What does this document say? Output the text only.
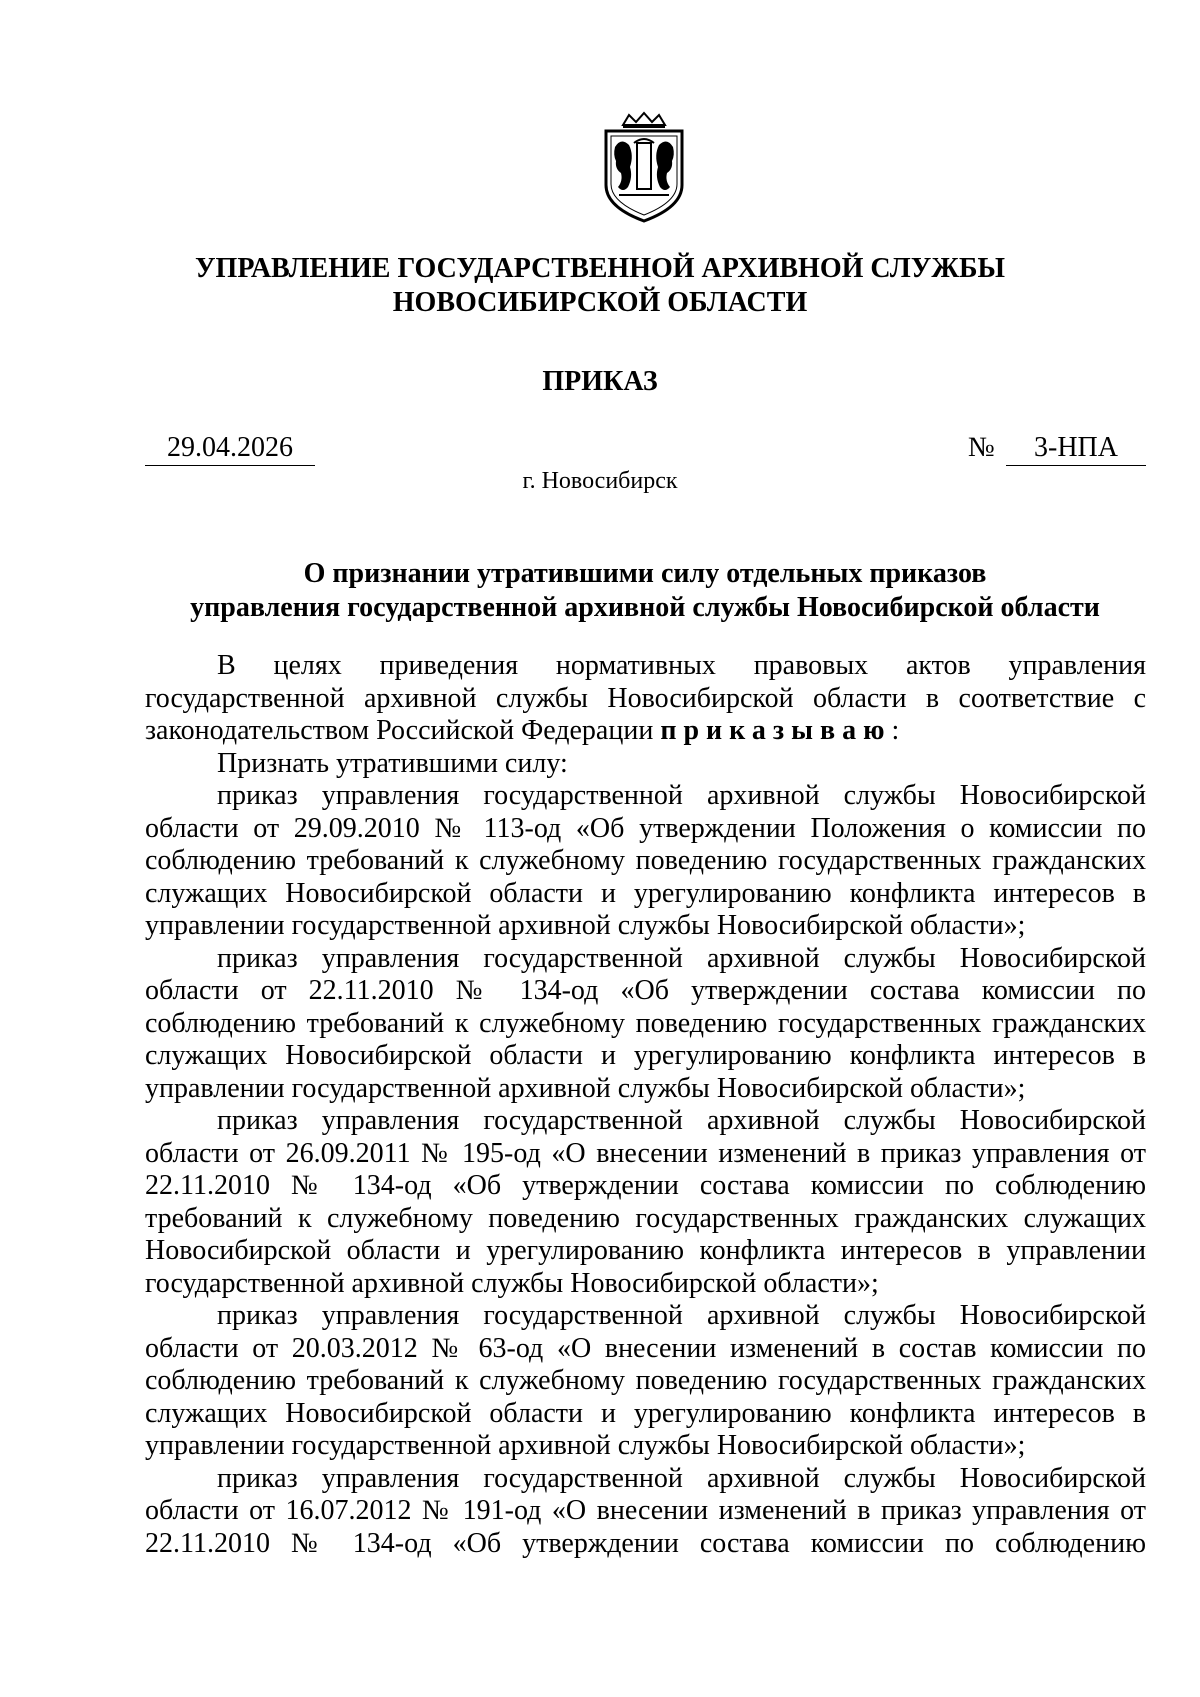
УПРАВЛЕНИЕ ГОСУДАРСТВЕННОЙ АРХИВНОЙ СЛУЖБЫ
НОВОСИБИРСКОЙ ОБЛАСТИ
ПРИКАЗ
29.04.2026	№	3-НПА
г. Новосибирск
О признании утратившими силу отдельных приказов
управления государственной архивной службы Новосибирской области

В целях приведения нормативных правовых актов управления государственной архивной службы Новосибирской области в соответствие с законодательством Российской Федерации приказываю:

Признать утратившими силу:

приказ управления государственной архивной службы Новосибирской области от 29.09.2010 № 113-од «Об утверждении Положения о комиссии по соблюдению требований к служебному поведению государственных гражданских служащих Новосибирской области и урегулированию конфликта интересов в управлении государственной архивной службы Новосибирской области»;

приказ управления государственной архивной службы Новосибирской области от 22.11.2010 № 134-од «Об утверждении состава комиссии по соблюдению требований к служебному поведению государственных гражданских служащих Новосибирской области и урегулированию конфликта интересов в управлении государственной архивной службы Новосибирской области»;

приказ управления государственной архивной службы Новосибирской области от 26.09.2011 № 195-од «О внесении изменений в приказ управления от 22.11.2010 № 134-од «Об утверждении состава комиссии по соблюдению требований к служебному поведению государственных гражданских служащих Новосибирской области и урегулированию конфликта интересов в управлении государственной архивной службы Новосибирской области»;

приказ управления государственной архивной службы Новосибирской области от 20.03.2012 № 63-од «О внесении изменений в состав комиссии по соблюдению требований к служебному поведению государственных гражданских служащих Новосибирской области и урегулированию конфликта интересов в управлении государственной архивной службы Новосибирской области»;

приказ управления государственной архивной службы Новосибирской области от 16.07.2012 № 191-од «О внесении изменений в приказ управления от 22.11.2010 № 134-од «Об утверждении состава комиссии по соблюдению
